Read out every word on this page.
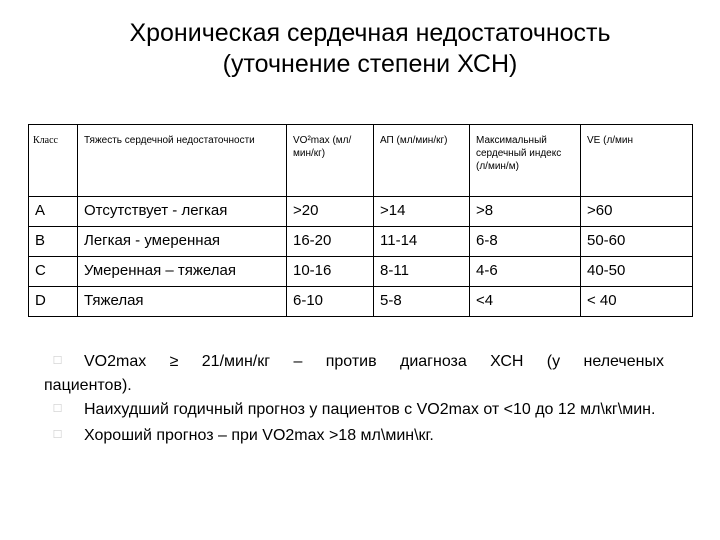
Хроническая сердечная недостаточность
(уточнение степени ХСН)
Класс	Тяжесть сердечной недостаточности	VO²max (мл/мин/кг)	АП (мл/мин/кг)	Максимальный сердечный индекс (л/мин/м)	VE (л/мин
A	Отсутствует - легкая	>20	>14	>8	>60
B	Легкая - умеренная	16-20	11-14	6-8	50-60
C	Умеренная – тяжелая	10-16	8-11	4-6	40-50
D	Тяжелая	6-10	5-8	<4	< 40
☐	VO2max ≥ 21/мин/кг – против диагноза ХСН (у нелеченых
пациентов).
☐	Наихудший годичный прогноз у пациентов с VO2max от <10 до 12 мл\кг\мин.
☐	Хороший прогноз – при VO2max >18 мл\мин\кг.
